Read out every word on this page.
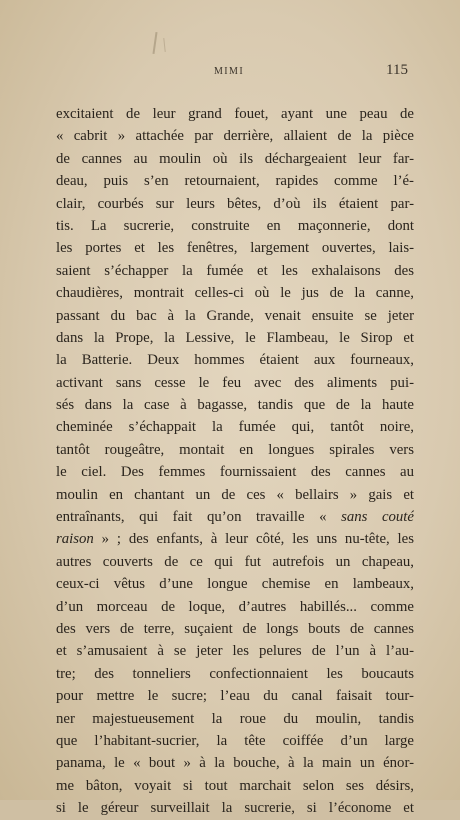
MIMI	115
excitaient de leur grand fouet, ayant une peau de
« cabrit » attachée par derrière, allaient de la pièce
de cannes au moulin où ils déchargeaient leur far-
deau, puis s’en retournaient, rapides comme l’é-
clair, courbés sur leurs bêtes, d’où ils étaient par-
tis. La sucrerie, construite en maçonnerie, dont
les portes et les fenêtres, largement ouvertes, lais-
saient s’échapper la fumée et les exhalaisons des
chaudières, montrait celles-ci où le jus de la canne,
passant du bac à la Grande, venait ensuite se jeter
dans la Prope, la Lessive, le Flambeau, le Sirop et
la Batterie. Deux hommes étaient aux fourneaux,
activant sans cesse le feu avec des aliments pui-
sés dans la case à bagasse, tandis que de la haute
cheminée s’échappait la fumée qui, tantôt noire,
tantôt rougeâtre, montait en longues spirales vers
le ciel. Des femmes fournissaient des cannes au
moulin en chantant un de ces « bellairs » gais et
entraînants, qui fait qu’on travaille « sans couté
raison » ; des enfants, à leur côté, les uns nu-tête, les
autres couverts de ce qui fut autrefois un chapeau,
ceux-ci vêtus d’une longue chemise en lambeaux,
d’un morceau de loque, d’autres habillés... comme
des vers de terre, suçaient de longs bouts de cannes
et s’amusaient à se jeter les pelures de l’un à l’au-
tre; des tonneliers confectionnaient les boucauts
pour mettre le sucre; l’eau du canal faisait tour-
ner majestueusement la roue du moulin, tandis
que l’habitant-sucrier, la tête coiffée d’un large
panama, le « bout » à la bouche, à la main un énor-
me bâton, voyait si tout marchait selon ses désirs,
si le géreur surveillait la sucrerie, si l’économe et
